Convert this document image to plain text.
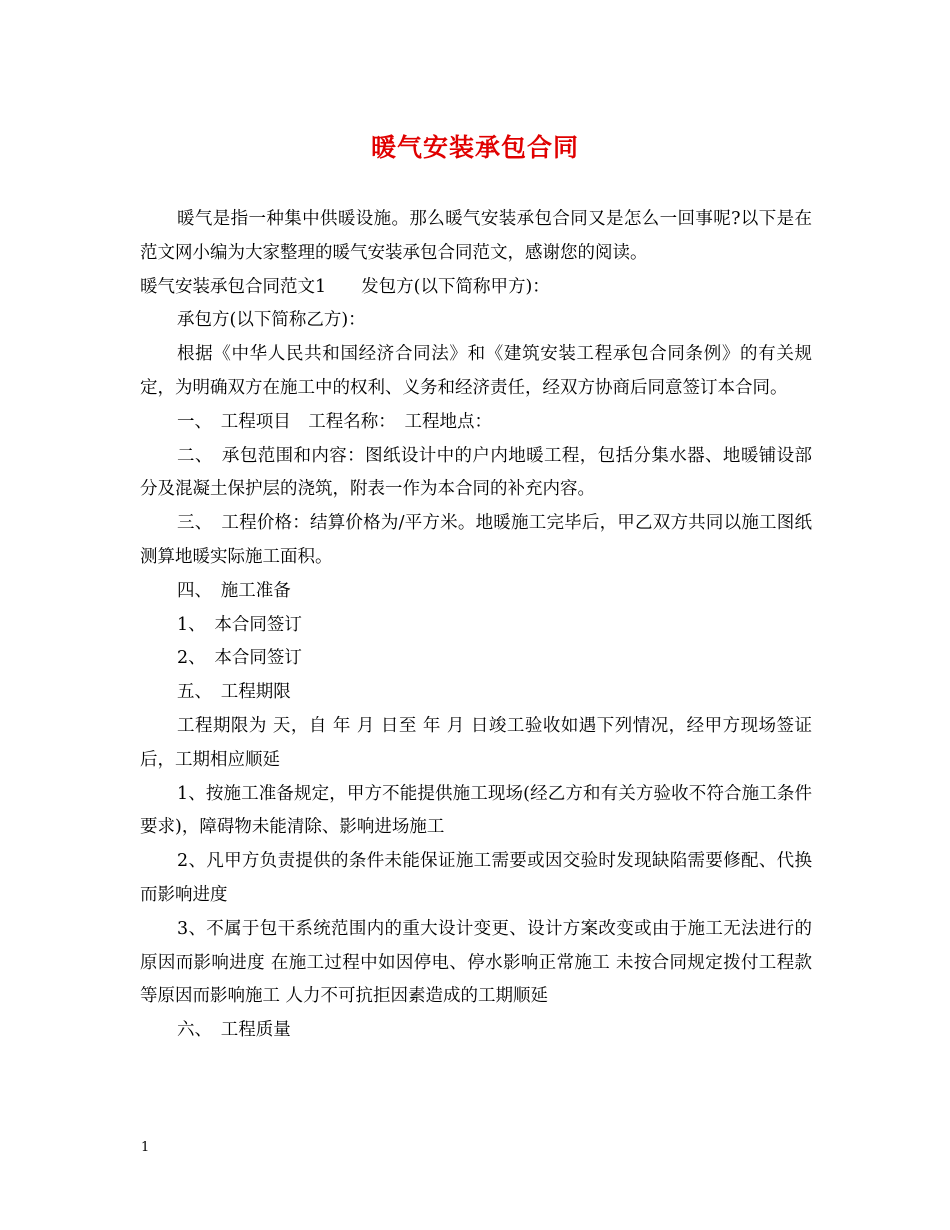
暖气安装承包合同

暖气是指一种集中供暖设施。那么暖气安装承包合同又是怎么一回事呢?以下是在范文网小编为大家整理的暖气安装承包合同范文，感谢您的阅读。

暖气安装承包合同范文1　　发包方(以下简称甲方)：

承包方(以下简称乙方)：

根据《中华人民共和国经济合同法》和《建筑安装工程承包合同条例》的有关规定，为明确双方在施工中的权利、义务和经济责任，经双方协商后同意签订本合同。

一、　工程项目　工程名称：　工程地点：

二、　承包范围和内容：图纸设计中的户内地暖工程，包括分集水器、地暖铺设部分及混凝土保护层的浇筑，附表一作为本合同的补充内容。

三、　工程价格：结算价格为/平方米。地暖施工完毕后，甲乙双方共同以施工图纸测算地暖实际施工面积。

四、　施工准备

1、　本合同签订

2、　本合同签订

五、　工程期限

工程期限为 天，自 年 月 日至 年 月 日竣工验收如遇下列情况，经甲方现场签证后，工期相应顺延

1、按施工准备规定，甲方不能提供施工现场(经乙方和有关方验收不符合施工条件要求)，障碍物未能清除、影响进场施工

2、凡甲方负责提供的条件未能保证施工需要或因交验时发现缺陷需要修配、代换而影响进度

3、不属于包干系统范围内的重大设计变更、设计方案改变或由于施工无法进行的原因而影响进度 在施工过程中如因停电、停水影响正常施工 未按合同规定拨付工程款等原因而影响施工 人力不可抗拒因素造成的工期顺延

六、　工程质量

1
